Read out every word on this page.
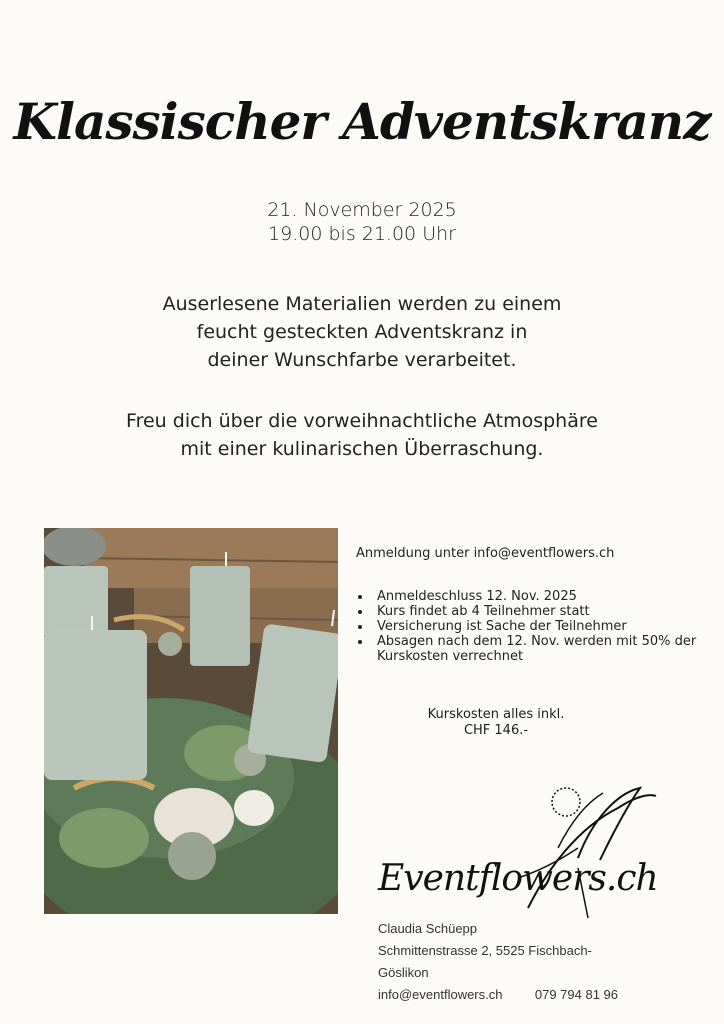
Klassischer Adventskranz
21. November 2025
19.00 bis 21.00 Uhr
Auserlesene Materialien werden zu einem
feucht gesteckten Adventskranz in
deiner Wunschfarbe verarbeitet.
Freu dich über die vorweihnachtliche Atmosphäre
mit einer kulinarischen Überraschung.
Anmeldung unter info@eventflowers.ch
Anmeldeschluss 12. Nov. 2025
Kurs findet ab 4 Teilnehmer statt
Versicherung ist Sache der Teilnehmer
Absagen nach dem 12. Nov. werden mit 50% der Kurskosten verrechnet
Kurskosten alles inkl.
CHF 146.-
Eventflowers.ch
Claudia Schüepp
Schmittenstrasse 2, 5525 Fischbach-Göslikon
info@eventflowers.ch 079 794 81 96
